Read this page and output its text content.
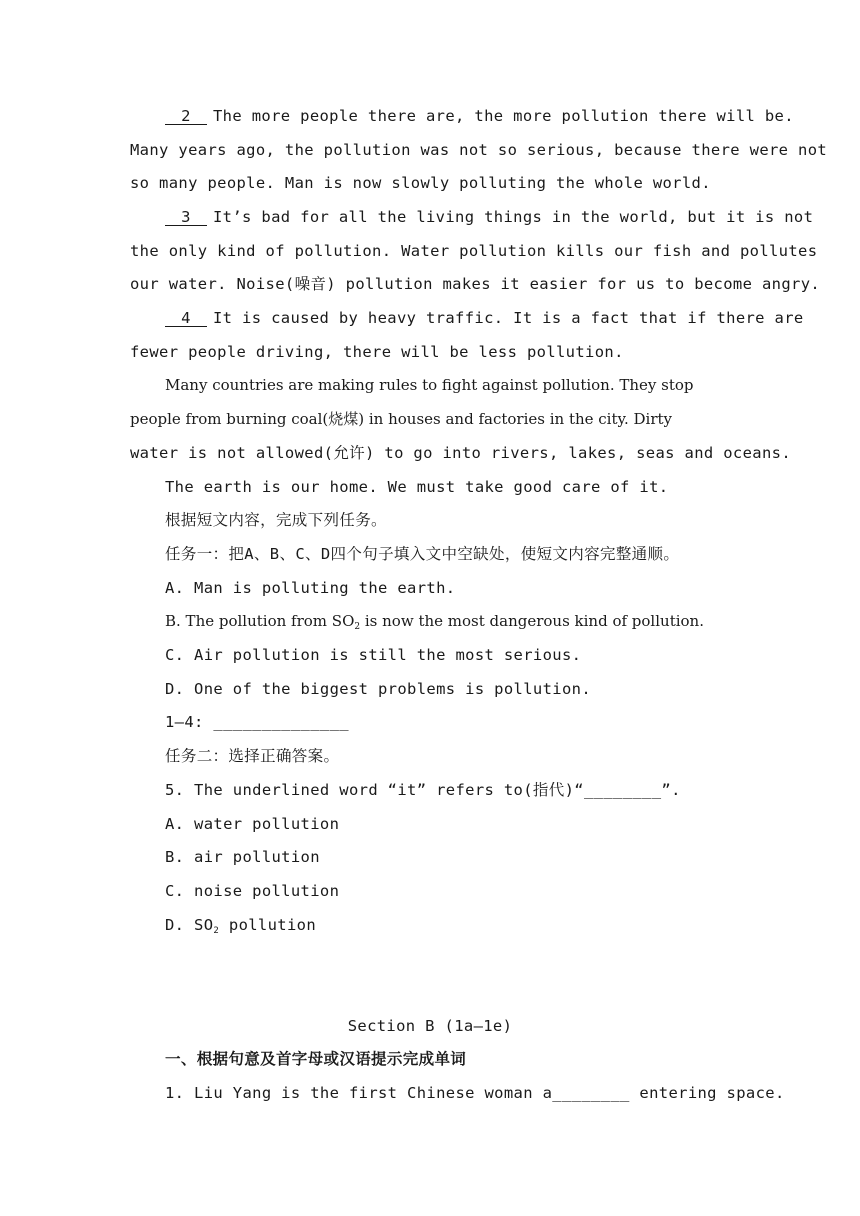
2 The more people there are, the more pollution there will be.
Many years ago, the pollution was not so serious, because there were not
so many people. Man is now slowly polluting the whole world.
3 It’s bad for all the living things in the world, but it is not
the only kind of pollution. Water pollution kills our fish and pollutes
our water. Noise(噪音) pollution makes it easier for us to become angry.
4 It is caused by heavy traffic. It is a fact that if there are
fewer people driving, there will be less pollution.
Many countries are making rules to fight against pollution. They stop
people from burning coal(烧煤) in houses and factories in the city. Dirty
water is not allowed(允许) to go into rivers, lakes, seas and oceans.
The earth is our home. We must take good care of it.
根据短文内容，完成下列任务。
任务一：把A、B、C、D四个句子填入文中空缺处，使短文内容完整通顺。
A. Man is polluting the earth.
B. The pollution from $SO_2$ is now the most dangerous kind of pollution.
C. Air pollution is still the most serious.
D. One of the biggest problems is pollution.
1—4: ______________
任务二：选择正确答案。
5. The underlined word “it” refers to(指代)“________”.
A. water pollution
B. air pollution
C. noise pollution
D. $SO_2$ pollution
Section B (1a—1e)
一、根据句意及首字母或汉语提示完成单词
1. Liu Yang is the first Chinese woman a________ entering space.
